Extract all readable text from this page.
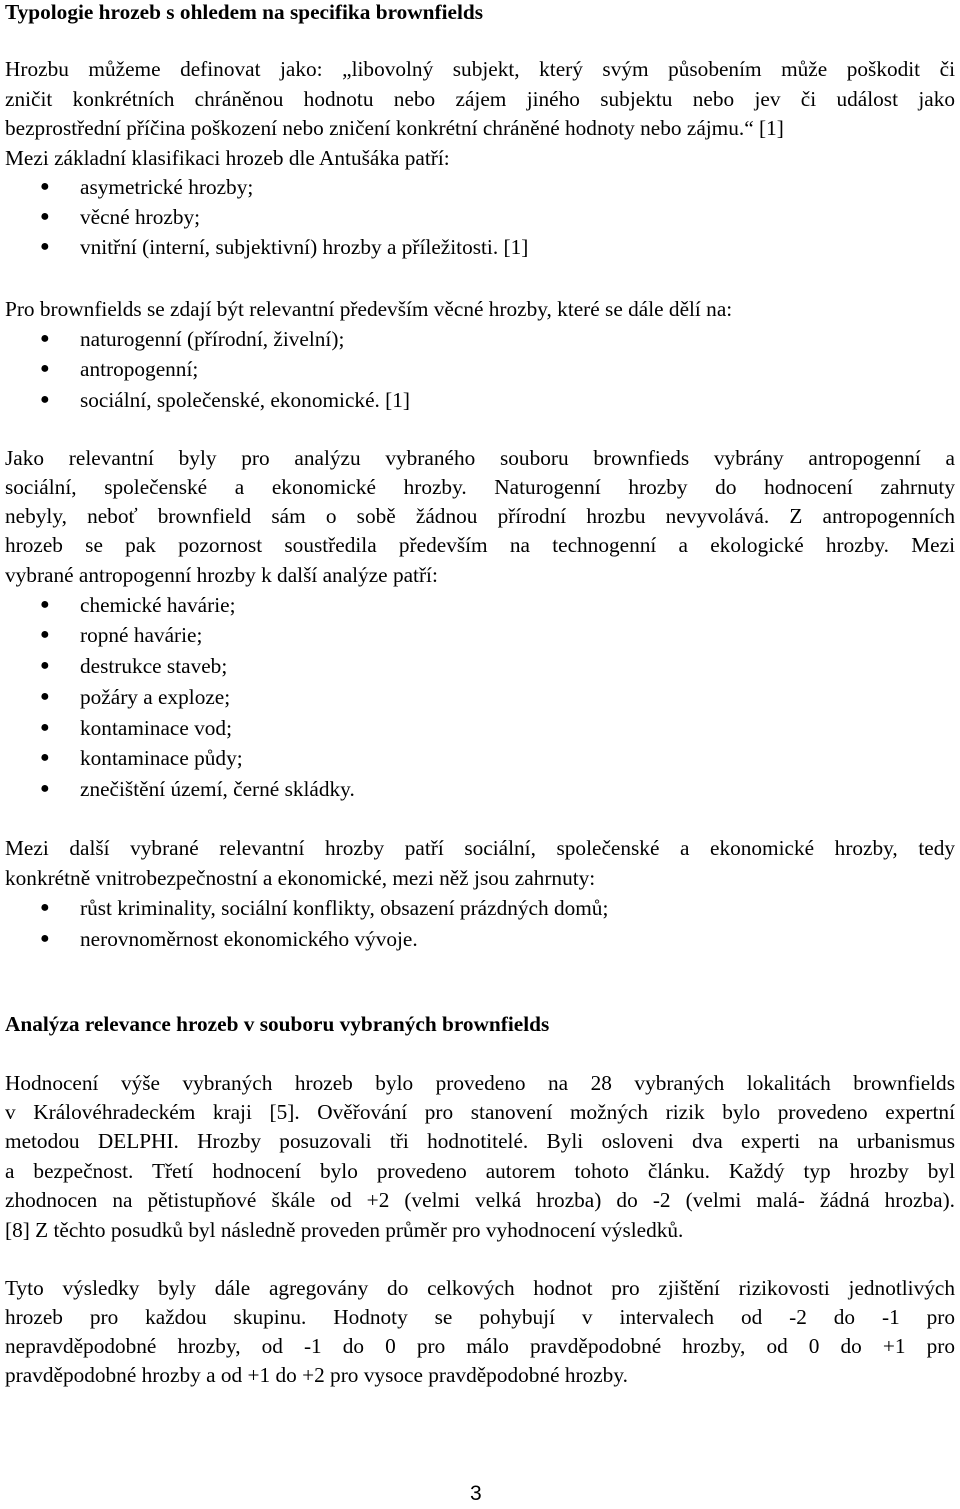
Typologie hrozeb s ohledem na specifika brownfields
Hrozbu můžeme definovat jako: „libovolný subjekt, který svým působením může poškodit či
zničit konkrétních chráněnou hodnotu nebo zájem jiného subjektu nebo jev či událost jako
bezprostřední příčina poškození nebo zničení konkrétní chráněné hodnoty nebo zájmu.“ [1]
Mezi základní klasifikaci hrozeb dle Antušáka patří:
● asymetrické hrozby;
● věcné hrozby;
● vnitřní (interní, subjektivní) hrozby a příležitosti. [1]
Pro brownfields se zdají být relevantní především věcné hrozby, které se dále dělí na:
● naturogenní (přírodní, živelní);
● antropogenní;
● sociální, společenské, ekonomické. [1]
Jako relevantní byly pro analýzu vybraného souboru brownfieds vybrány antropogenní a
sociální, společenské a ekonomické hrozby. Naturogenní hrozby do hodnocení zahrnuty
nebyly, neboť brownfield sám o sobě žádnou přírodní hrozbu nevyvolává. Z antropogenních
hrozeb se pak pozornost soustředila především na technogenní a ekologické hrozby. Mezi
vybrané antropogenní hrozby k další analýze patří:
● chemické havárie;
● ropné havárie;
● destrukce staveb;
● požáry a exploze;
● kontaminace vod;
● kontaminace půdy;
● znečištění území, černé skládky.
Mezi další vybrané relevantní hrozby patří sociální, společenské a ekonomické hrozby, tedy
konkrétně vnitrobezpečnostní a ekonomické, mezi něž jsou zahrnuty:
● růst kriminality, sociální konflikty, obsazení prázdných domů;
● nerovnoměrnost ekonomického vývoje.
Analýza relevance hrozeb v souboru vybraných brownfields
Hodnocení výše vybraných hrozeb bylo provedeno na 28 vybraných lokalitách brownfields
v Královéhradeckém kraji [5]. Ověřování pro stanovení možných rizik bylo provedeno expertní
metodou DELPHI. Hrozby posuzovali tři hodnotitelé. Byli osloveni dva experti na urbanismus
a bezpečnost. Třetí hodnocení bylo provedeno autorem tohoto článku. Každý typ hrozby byl
zhodnocen na pětistupňové škále od +2 (velmi velká hrozba) do -2 (velmi malá- žádná hrozba).
[8] Z těchto posudků byl následně proveden průměr pro vyhodnocení výsledků.
Tyto výsledky byly dále agregovány do celkových hodnot pro zjištění rizikovosti jednotlivých
hrozeb pro každou skupinu. Hodnoty se pohybují v intervalech od -2 do -1 pro
nepravděpodobné hrozby, od -1 do 0 pro málo pravděpodobné hrozby, od 0 do +1 pro
pravděpodobné hrozby a od +1 do +2 pro vysoce pravděpodobné hrozby.
3
